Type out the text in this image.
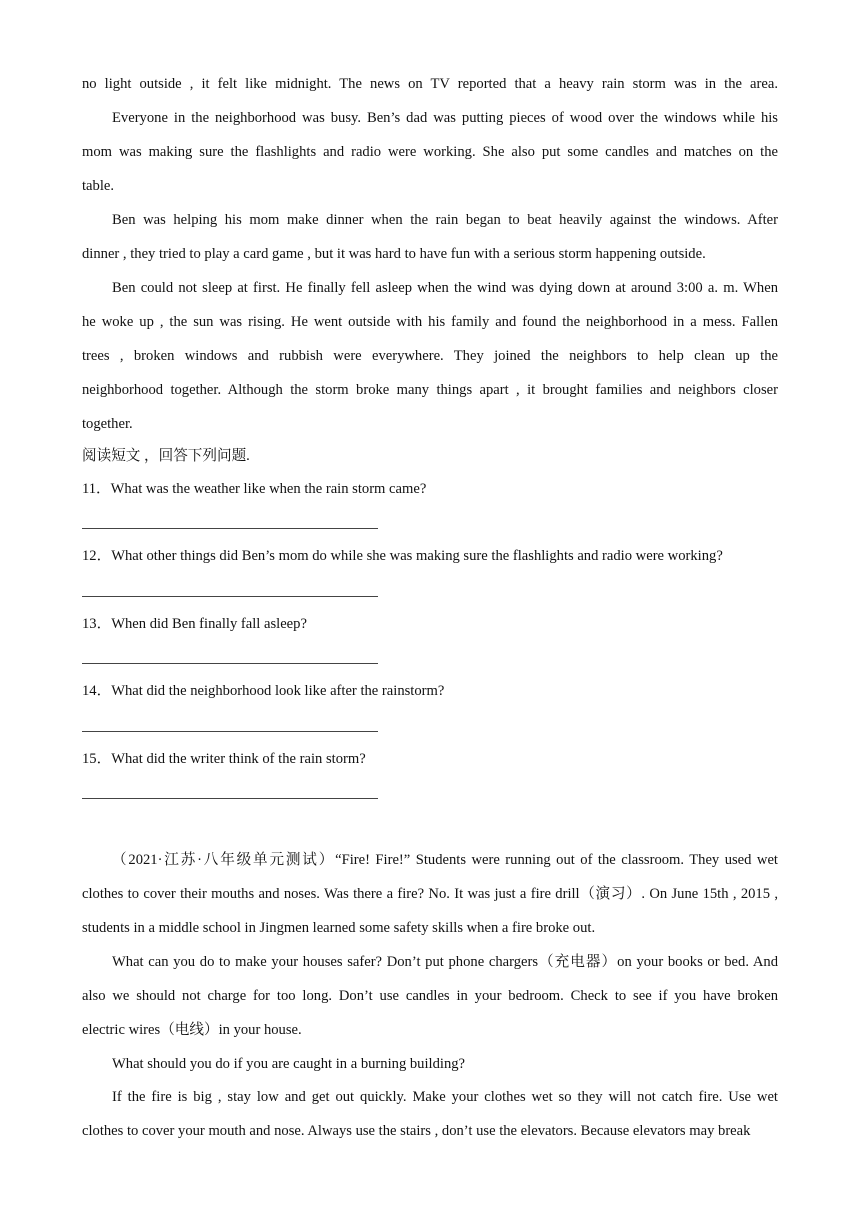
no light outside , it felt like midnight. The news on TV reported that a heavy rain storm was in the area.
Everyone in the neighborhood was busy. Ben’s dad was putting pieces of wood over the windows while his
mom was making sure the flashlights and radio were working. She also put some candles and matches on the
table.
Ben was helping his mom make dinner when the rain began to beat heavily against the windows. After
dinner , they tried to play a card game , but it was hard to have fun with a serious storm happening outside.
Ben could not sleep at first. He finally fell asleep when the wind was dying down at around 3:00 a. m. When
he woke up , the sun was rising. He went outside with his family and found the neighborhood in a mess. Fallen
trees , broken windows and rubbish were everywhere. They joined the neighbors to help clean up the
neighborhood together. Although the storm broke many things apart , it brought families and neighbors closer
together.
阅读短文 ，回答下列问题.
11．What was the weather like when the rain storm came?
12．What other things did Ben’s mom do while she was making sure the flashlights and radio were working?
13．When did Ben finally fall asleep?
14．What did the neighborhood look like after the rainstorm?
15．What did the writer think of the rain storm?
（2021·江苏·八年级单元测试）“Fire! Fire!” Students were running out of the classroom. They used wet
clothes to cover their mouths and noses. Was there a fire? No. It was just a fire drill（演习）. On June 15th , 2015 ,
students in a middle school in Jingmen learned some safety skills when a fire broke out.
What can you do to make your houses safer? Don’t put phone chargers（充电器）on your books or bed. And
also we should not charge for too long. Don’t use candles in your bedroom. Check to see if you have broken
electric wires（电线）in your house.
What should you do if you are caught in a burning building?
If the fire is big , stay low and get out quickly. Make your clothes wet so they will not catch fire. Use wet
clothes to cover your mouth and nose. Always use the stairs , don’t use the elevators. Because elevators may break
